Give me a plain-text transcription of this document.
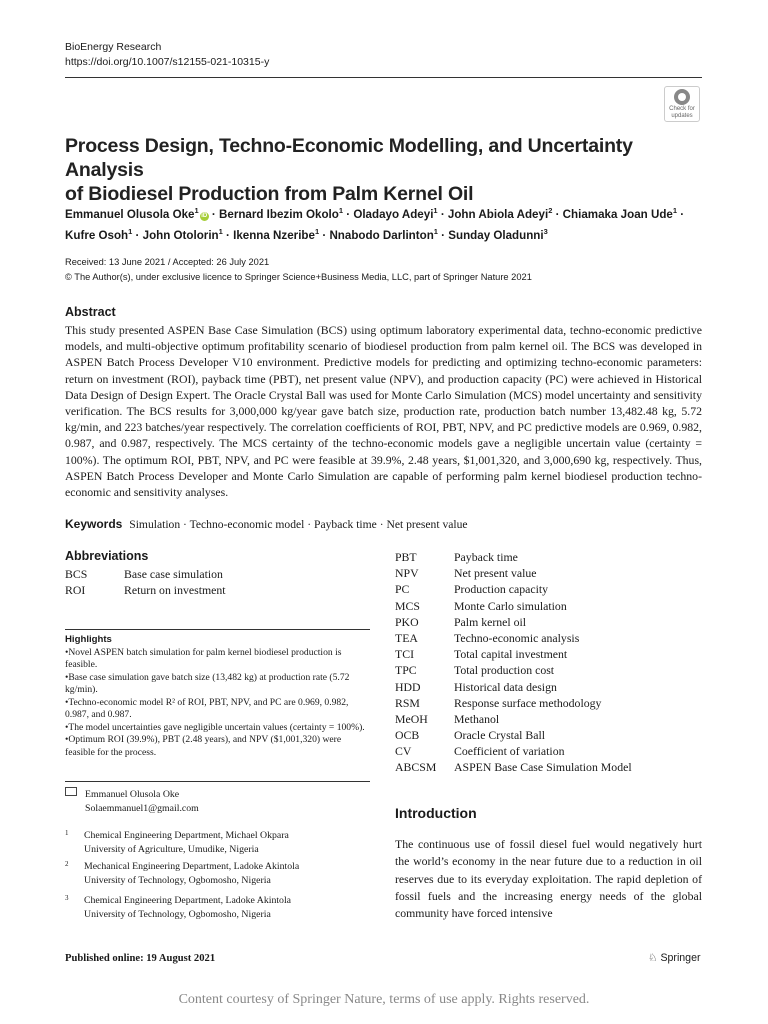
BioEnergy Research
https://doi.org/10.1007/s12155-021-10315-y
Check for updates
Process Design, Techno-Economic Modelling, and Uncertainty Analysis
of Biodiesel Production from Palm Kernel Oil
Emmanuel Olusola Oke$^1$iD · Bernard Ibezim Okolo$^1$ · Oladayo Adeyi$^1$ · John Abiola Adeyi$^2$ · Chiamaka Joan Ude$^1$ ·
Kufre Osoh$^1$ · John Otolorin$^1$ · Ikenna Nzeribe$^1$ · Nnabodo Darlinton$^1$ · Sunday Oladunni$^3$
Received: 13 June 2021 / Accepted: 26 July 2021
© The Author(s), under exclusive licence to Springer Science+Business Media, LLC, part of Springer Nature 2021
Abstract
This study presented ASPEN Base Case Simulation (BCS) using optimum laboratory experimental data, techno-economic predictive models, and multi-objective optimum profitability scenario of biodiesel production from palm kernel oil. The BCS was developed in ASPEN Batch Process Developer V10 environment. Predictive models for predicting and optimizing techno-economic parameters: return on investment (ROI), payback time (PBT), net present value (NPV), and production capacity (PC) were achieved in Historical Data Design of Design Expert. The Oracle Crystal Ball was used for Monte Carlo Simulation (MCS) model uncertainty and sensitivity verification. The BCS results for 3,000,000 kg/year gave batch size, production rate, production batch number 13,482.48 kg, 5.72 kg/min, and 223 batches/year respectively. The correlation coefficients of ROI, PBT, NPV, and PC predictive models are 0.969, 0.982, 0.987, and 0.987, respectively. The MCS certainty of the techno-economic models gave a negligible uncertain value (certainty = 100%). The optimum ROI, PBT, NPV, and PC were feasible at 39.9%, 2.48 years, $1,001,320, and 3,000,690 kg, respectively. Thus, ASPEN Batch Process Developer and Monte Carlo Simulation are capable of performing palm kernel biodiesel production techno-economic and sensitivity analyses.
Keywords Simulation · Techno-economic model · Payback time · Net present value
Abbreviations
BCS	Base case simulation
ROI	Return on investment
PBT	Payback time
NPV	Net present value
PC	Production capacity
MCS	Monte Carlo simulation
PKO	Palm kernel oil
TEA	Techno-economic analysis
TCI	Total capital investment
TPC	Total production cost
HDD	Historical data design
RSM	Response surface methodology
MeOH Methanol
OCB	Oracle Crystal Ball
CV	Coefficient of variation
ABCSM ASPEN Base Case Simulation Model
Highlights
•Novel ASPEN batch simulation for palm kernel biodiesel production is feasible.
•Base case simulation gave batch size (13,482 kg) at production rate (5.72 kg/min).
•Techno-economic model R² of ROI, PBT, NPV, and PC are 0.969, 0.982, 0.987, and 0.987.
•The model uncertainties gave negligible uncertain values (certainty = 100%).
•Optimum ROI (39.9%), PBT (2.48 years), and NPV ($1,001,320) were feasible for the process.
Emmanuel Olusola Oke
Solaemmanuel1@gmail.com
1 Chemical Engineering Department, Michael Okpara
University of Agriculture, Umudike, Nigeria
2 Mechanical Engineering Department, Ladoke Akintola
University of Technology, Ogbomosho, Nigeria
3 Chemical Engineering Department, Ladoke Akintola
University of Technology, Ogbomosho, Nigeria
Introduction
The continuous use of fossil diesel fuel would negatively hurt the world’s economy in the near future due to a reduction in oil reserves due to its everyday exploitation. The rapid depletion of fossil fuels and the increasing energy needs of the global community have forced intensive
Published online: 19 August 2021	♘ Springer
Content courtesy of Springer Nature, terms of use apply. Rights reserved.
